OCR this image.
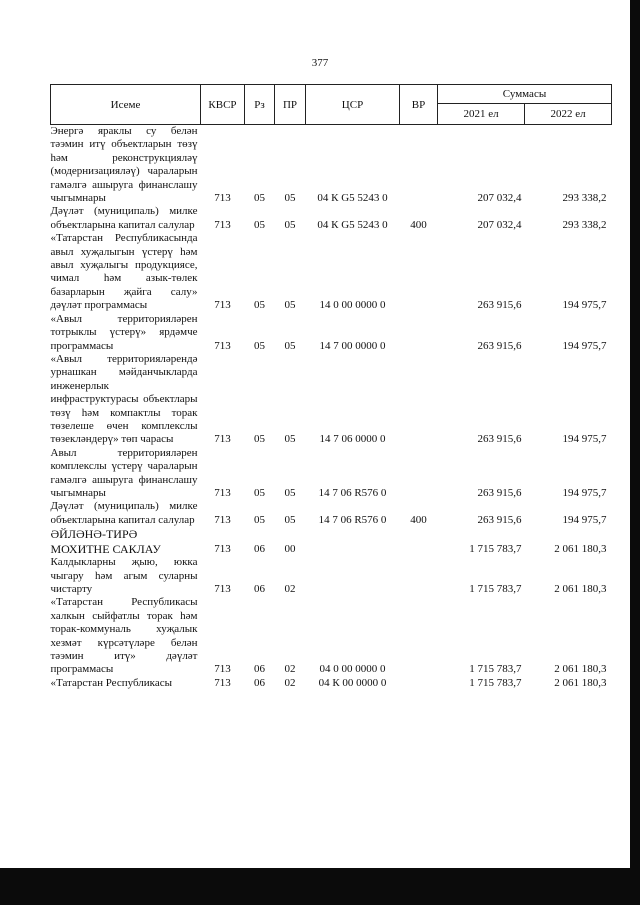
377
Исеме	КВСР	Рз	ПР	ЦСР	ВР	Суммасы	
						2021 ел	2022 ел
Энергә яраклы су белән тәэмин итү объектларын төзү һәм реконструкцияләү (модернизацияләү) чараларын гамәлгә ашыруга финанслашу чыгымнары	713	05	05	04 К G5 5243 0		207 032,4	293 338,2
Дәүләт (муниципаль) милке объектларына капитал салулар	713	05	05	04 К G5 5243 0	400	207 032,4	293 338,2
«Татарстан Республикасында авыл хуҗалыгын үстерү һәм авыл хуҗалыгы продукциясе, чимал һәм азык-төлек базарларын җайга салу» дәүләт программасы	713	05	05	14 0 00 0000 0		263 915,6	194 975,7
«Авыл территорияләрен тотрыклы үстерү» ярдәмче программасы	713	05	05	14 7 00 0000 0		263 915,6	194 975,7
«Авыл территорияләрендә урнашкан мәйданчыкларда инженерлык инфраструктурасы объектлары төзү һәм компактлы торак төзелеше өчен комплекслы төзекләндерү» төп чарасы	713	05	05	14 7 06 0000 0		263 915,6	194 975,7
Авыл территорияләрен комплекслы үстерү чараларын гамәлгә ашыруга финанслашу чыгымнары	713	05	05	14 7 06 R576 0		263 915,6	194 975,7
Дәүләт (муниципаль) милке объектларына капитал салулар	713	05	05	14 7 06 R576 0	400	263 915,6	194 975,7
ӘЙЛӘНӘ-ТИРӘ МОХИТНЕ САКЛАУ	713	06	00			1 715 783,7	2 061 180,3
Калдыкларны җыю, юкка чыгару һәм агым суларны чистарту	713	06	02			1 715 783,7	2 061 180,3
«Татарстан Республикасы халкын сыйфатлы торак һәм торак-коммуналь хуҗалык хезмәт күрсәтүләре белән тәэмин итү» дәүләт программасы	713	06	02	04 0 00 0000 0		1 715 783,7	2 061 180,3
«Татарстан Республикасы	713	06	02	04 К 00 0000 0		1 715 783,7	2 061 180,3
